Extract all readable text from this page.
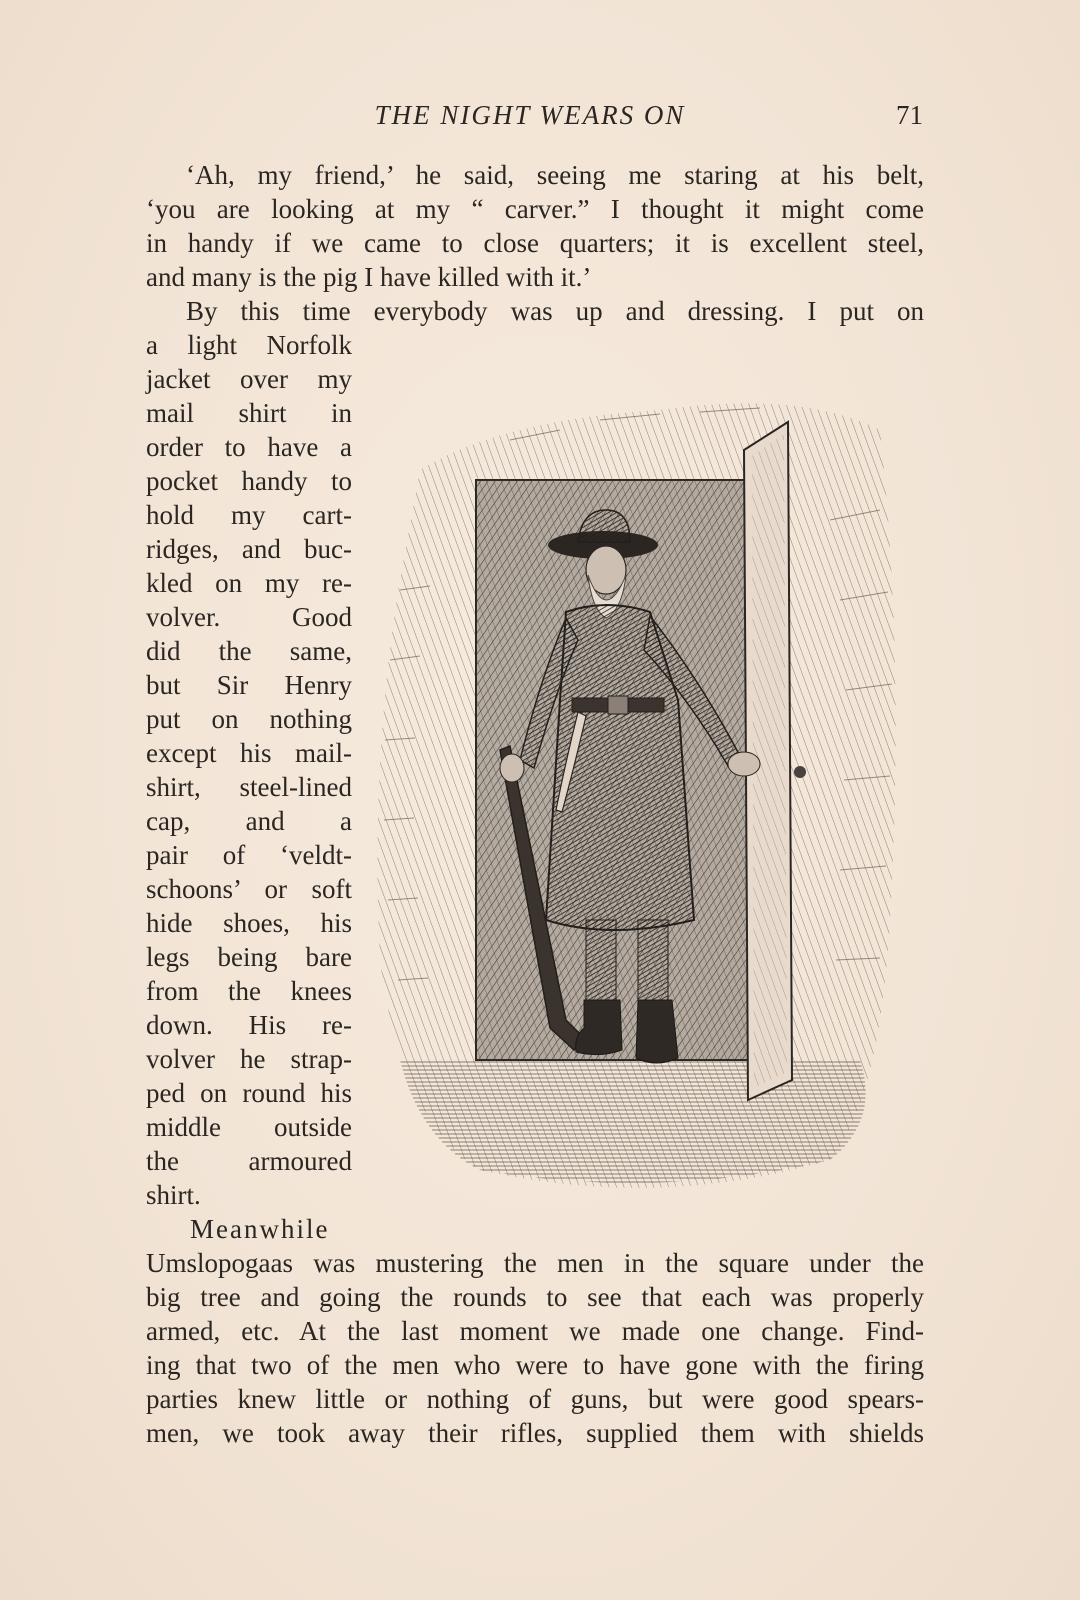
THE NIGHT WEARS ON	71
‘Ah, my friend,’ he said, seeing me staring at his belt,
‘you are looking at my “ carver.” I thought it might come
in handy if we came to close quarters; it is excellent steel,
and many is the pig I have killed with it.’
By this time everybody was up and dressing. I put on
a light Norfolk
jacket over my
mail shirt in
order to have a
pocket handy to
hold my cart-
ridges, and buc-
kled on my re-
volver. Good
did the same,
but Sir Henry
put on nothing
except his mail-
shirt, steel-lined
cap, and a
pair of ‘veldt-
schoons’ or soft
hide shoes, his
legs being bare
from the knees
down. His re-
volver he strap-
ped on round his
middle outside
the armoured
shirt.
Meanwhile
Umslopogaas was mustering the men in the square under the
big tree and going the rounds to see that each was properly
armed, etc. At the last moment we made one change. Find-
ing that two of the men who were to have gone with the firing
parties knew little or nothing of guns, but were good spears-
men, we took away their rifles, supplied them with shields
